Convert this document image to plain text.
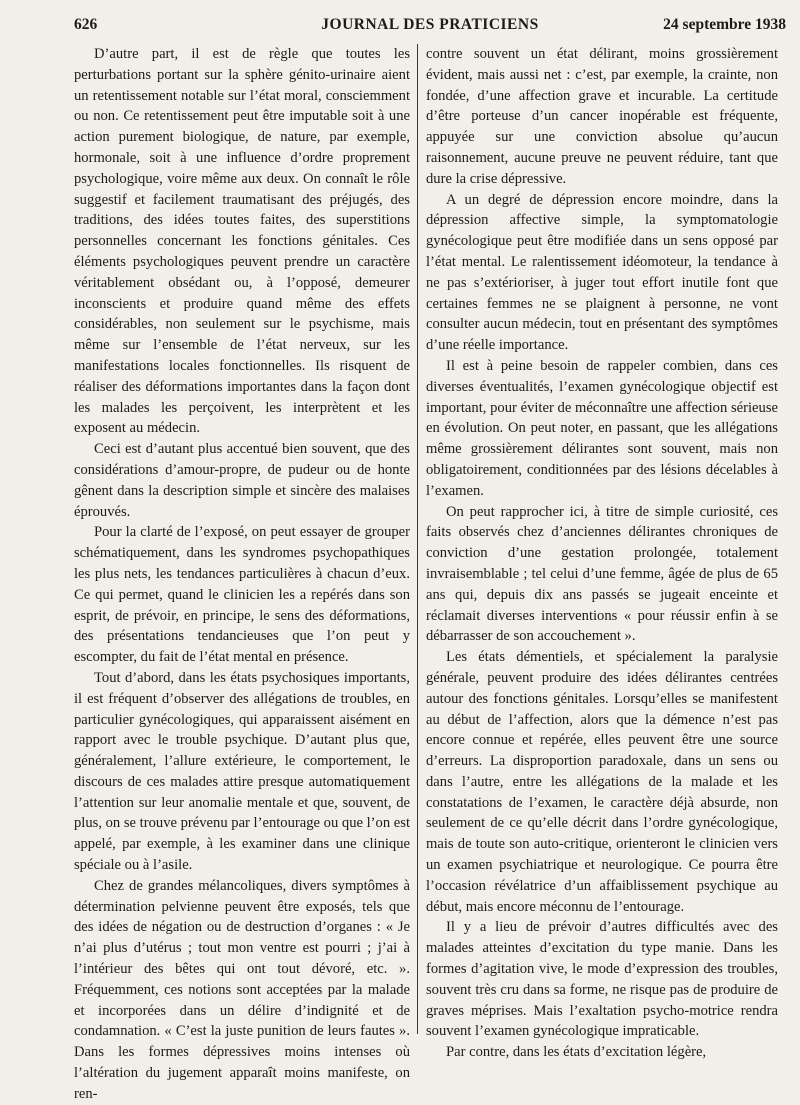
626	JOURNAL DES PRATICIENS	24 septembre 1938

D’autre part, il est de règle que toutes les perturbations portant sur la sphère génito-urinaire aient un retentissement notable sur l’état moral, consciemment ou non. Ce retentissement peut être imputable soit à une action purement biologique, de nature, par exemple, hormonale, soit à une influence d’ordre proprement psychologique, voire même aux deux. On connaît le rôle suggestif et facilement traumatisant des préjugés, des traditions, des idées toutes faites, des superstitions personnelles concernant les fonctions génitales. Ces éléments psychologiques peuvent prendre un caractère véritablement obsédant ou, à l’opposé, demeurer inconscients et produire quand même des effets considérables, non seulement sur le psychisme, mais même sur l’ensemble de l’état nerveux, sur les manifestations locales fonctionnelles. Ils risquent de réaliser des déformations importantes dans la façon dont les malades les perçoivent, les interprètent et les exposent au médecin.

Ceci est d’autant plus accentué bien souvent, que des considérations d’amour-propre, de pudeur ou de honte gênent dans la description simple et sincère des malaises éprouvés.

Pour la clarté de l’exposé, on peut essayer de grouper schématiquement, dans les syndromes psychopathiques les plus nets, les tendances particulières à chacun d’eux. Ce qui permet, quand le clinicien les a repérés dans son esprit, de prévoir, en principe, le sens des déformations, des présentations tendancieuses que l’on peut y escompter, du fait de l’état mental en présence.

Tout d’abord, dans les états psychosiques importants, il est fréquent d’observer des allégations de troubles, en particulier gynécologiques, qui apparaissent aisément en rapport avec le trouble psychique. D’autant plus que, généralement, l’allure extérieure, le comportement, le discours de ces malades attire presque automatiquement l’attention sur leur anomalie mentale et que, souvent, de plus, on se trouve prévenu par l’entourage ou que l’on est appelé, par exemple, à les examiner dans une clinique spéciale ou à l’asile.

Chez de grandes mélancoliques, divers symptômes à détermination pelvienne peuvent être exposés, tels que des idées de négation ou de destruction d’organes : « Je n’ai plus d’utérus ; tout mon ventre est pourri ; j’ai à l’intérieur des bêtes qui ont tout dévoré, etc. ». Fréquemment, ces notions sont acceptées par la malade et incorporées dans un délire d’indignité et de condamnation. « C’est la juste punition de leurs fautes ». Dans les formes dépressives moins intenses où l’altération du jugement apparaît moins manifeste, on ren-

contre souvent un état délirant, moins grossièrement évident, mais aussi net : c’est, par exemple, la crainte, non fondée, d’une affection grave et incurable. La certitude d’être porteuse d’un cancer inopérable est fréquente, appuyée sur une conviction absolue qu’aucun raisonnement, aucune preuve ne peuvent réduire, tant que dure la crise dépressive.

A un degré de dépression encore moindre, dans la dépression affective simple, la symptomatologie gynécologique peut être modifiée dans un sens opposé par l’état mental. Le ralentissement idéomoteur, la tendance à ne pas s’extérioriser, à juger tout effort inutile font que certaines femmes ne se plaignent à personne, ne vont consulter aucun médecin, tout en présentant des symptômes d’une réelle importance.

Il est à peine besoin de rappeler combien, dans ces diverses éventualités, l’examen gynécologique objectif est important, pour éviter de méconnaître une affection sérieuse en évolution. On peut noter, en passant, que les allégations même grossièrement délirantes sont souvent, mais non obligatoirement, conditionnées par des lésions décelables à l’examen.

On peut rapprocher ici, à titre de simple curiosité, ces faits observés chez d’anciennes délirantes chroniques de conviction d’une gestation prolongée, totalement invraisemblable ; tel celui d’une femme, âgée de plus de 65 ans qui, depuis dix ans passés se jugeait enceinte et réclamait diverses interventions « pour réussir enfin à se débarrasser de son accouchement ».

Les états démentiels, et spécialement la paralysie générale, peuvent produire des idées délirantes centrées autour des fonctions génitales. Lorsqu’elles se manifestent au début de l’affection, alors que la démence n’est pas encore connue et repérée, elles peuvent être une source d’erreurs. La disproportion paradoxale, dans un sens ou dans l’autre, entre les allégations de la malade et les constatations de l’examen, le caractère déjà absurde, non seulement de ce qu’elle décrit dans l’ordre gynécologique, mais de toute son auto-critique, orienteront le clinicien vers un examen psychiatrique et neurologique. Ce pourra être l’occasion révélatrice d’un affaiblissement psychique au début, mais encore méconnu de l’entourage.

Il y a lieu de prévoir d’autres difficultés avec des malades atteintes d’excitation du type manie. Dans les formes d’agitation vive, le mode d’expression des troubles, souvent très cru dans sa forme, ne risque pas de produire de graves méprises. Mais l’exaltation psycho-motrice rendra souvent l’examen gynécologique impraticable.

Par contre, dans les états d’excitation légère,
